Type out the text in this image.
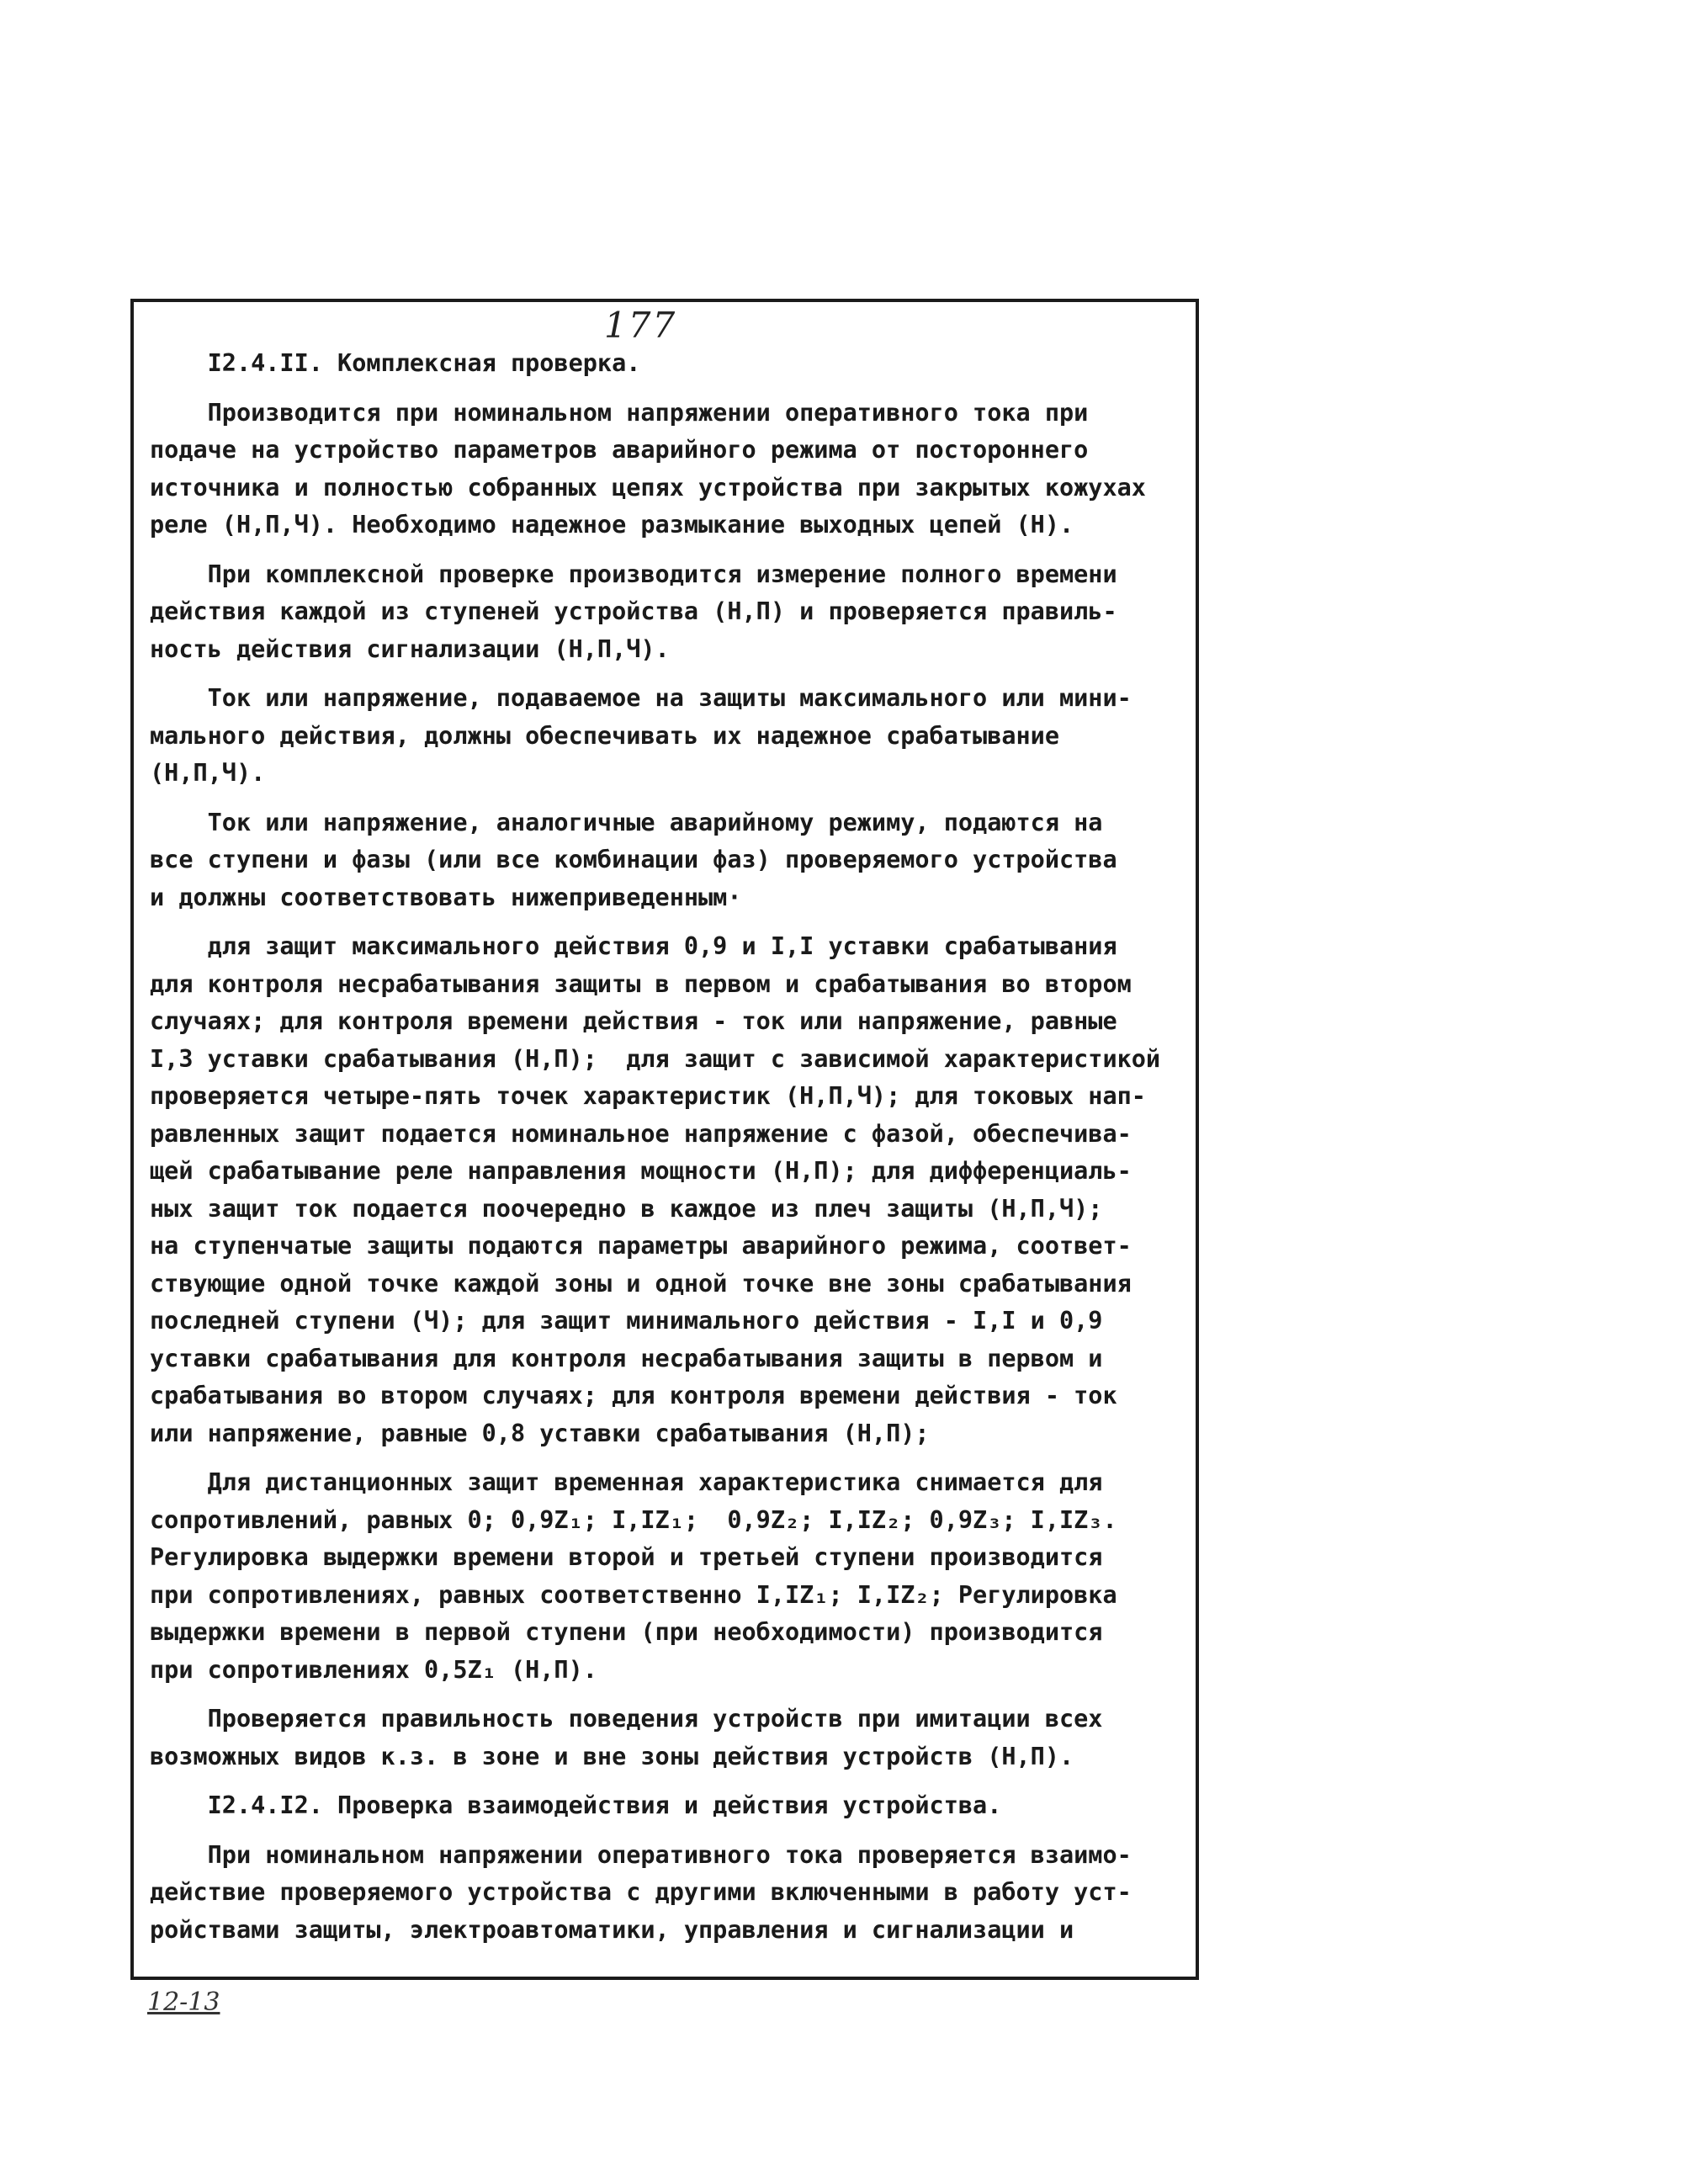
177
I2.4.II. Комплексная проверка.
Производится при номинальном напряжении оперативного тока при
подаче на устройство параметров аварийного режима от постороннего
источника и полностью собранных цепях устройства при закрытых кожухах
реле (Н,П,Ч). Необходимо надежное размыкание выходных цепей (Н).
При комплексной проверке производится измерение полного времени
действия каждой из ступеней устройства (Н,П) и проверяется правиль-
ность действия сигнализации (Н,П,Ч).
Ток или напряжение, подаваемое на защиты максимального или мини-
мального действия, должны обеспечивать их надежное срабатывание
(Н,П,Ч).
Ток или напряжение, аналогичные аварийному режиму, подаются на
все ступени и фазы (или все комбинации фаз) проверяемого устройства
и должны соответствовать нижеприведенным·
для защит максимального действия 0,9 и I,I уставки срабатывания
для контроля несрабатывания защиты в первом и срабатывания во втором
случаях; для контроля времени действия - ток или напряжение, равные
I,3 уставки срабатывания (Н,П);  для защит с зависимой характеристикой
проверяется четыре-пять точек характеристик (Н,П,Ч); для токовых нап-
равленных защит подается номинальное напряжение с фазой, обеспечива-
щей срабатывание реле направления мощности (Н,П); для дифференциаль-
ных защит ток подается поочередно в каждое из плеч защиты (Н,П,Ч);
на ступенчатые защиты подаются параметры аварийного режима, соответ-
ствующие одной точке каждой зоны и одной точке вне зоны срабатывания
последней ступени (Ч); для защит минимального действия - I,I и 0,9
уставки срабатывания для контроля несрабатывания защиты в первом и
срабатывания во втором случаях; для контроля времени действия - ток
или напряжение, равные 0,8 уставки срабатывания (Н,П);
Для дистанционных защит временная характеристика снимается для
сопротивлений, равных 0; 0,9Z₁; I,IZ₁;  0,9Z₂; I,IZ₂; 0,9Z₃; I,IZ₃.
Регулировка выдержки времени второй и третьей ступени производится
при сопротивлениях, равных соответственно I,IZ₁; I,IZ₂; Регулировка
выдержки времени в первой ступени (при необходимости) производится
при сопротивлениях 0,5Z₁ (Н,П).
Проверяется правильность поведения устройств при имитации всех
возможных видов к.з. в зоне и вне зоны действия устройств (Н,П).
I2.4.I2. Проверка взаимодействия и действия устройства.
При номинальном напряжении оперативного тока проверяется взаимо-
действие проверяемого устройства с другими включенными в работу уст-
ройствами защиты, электроавтоматики, управления и сигнализации и
12-13
